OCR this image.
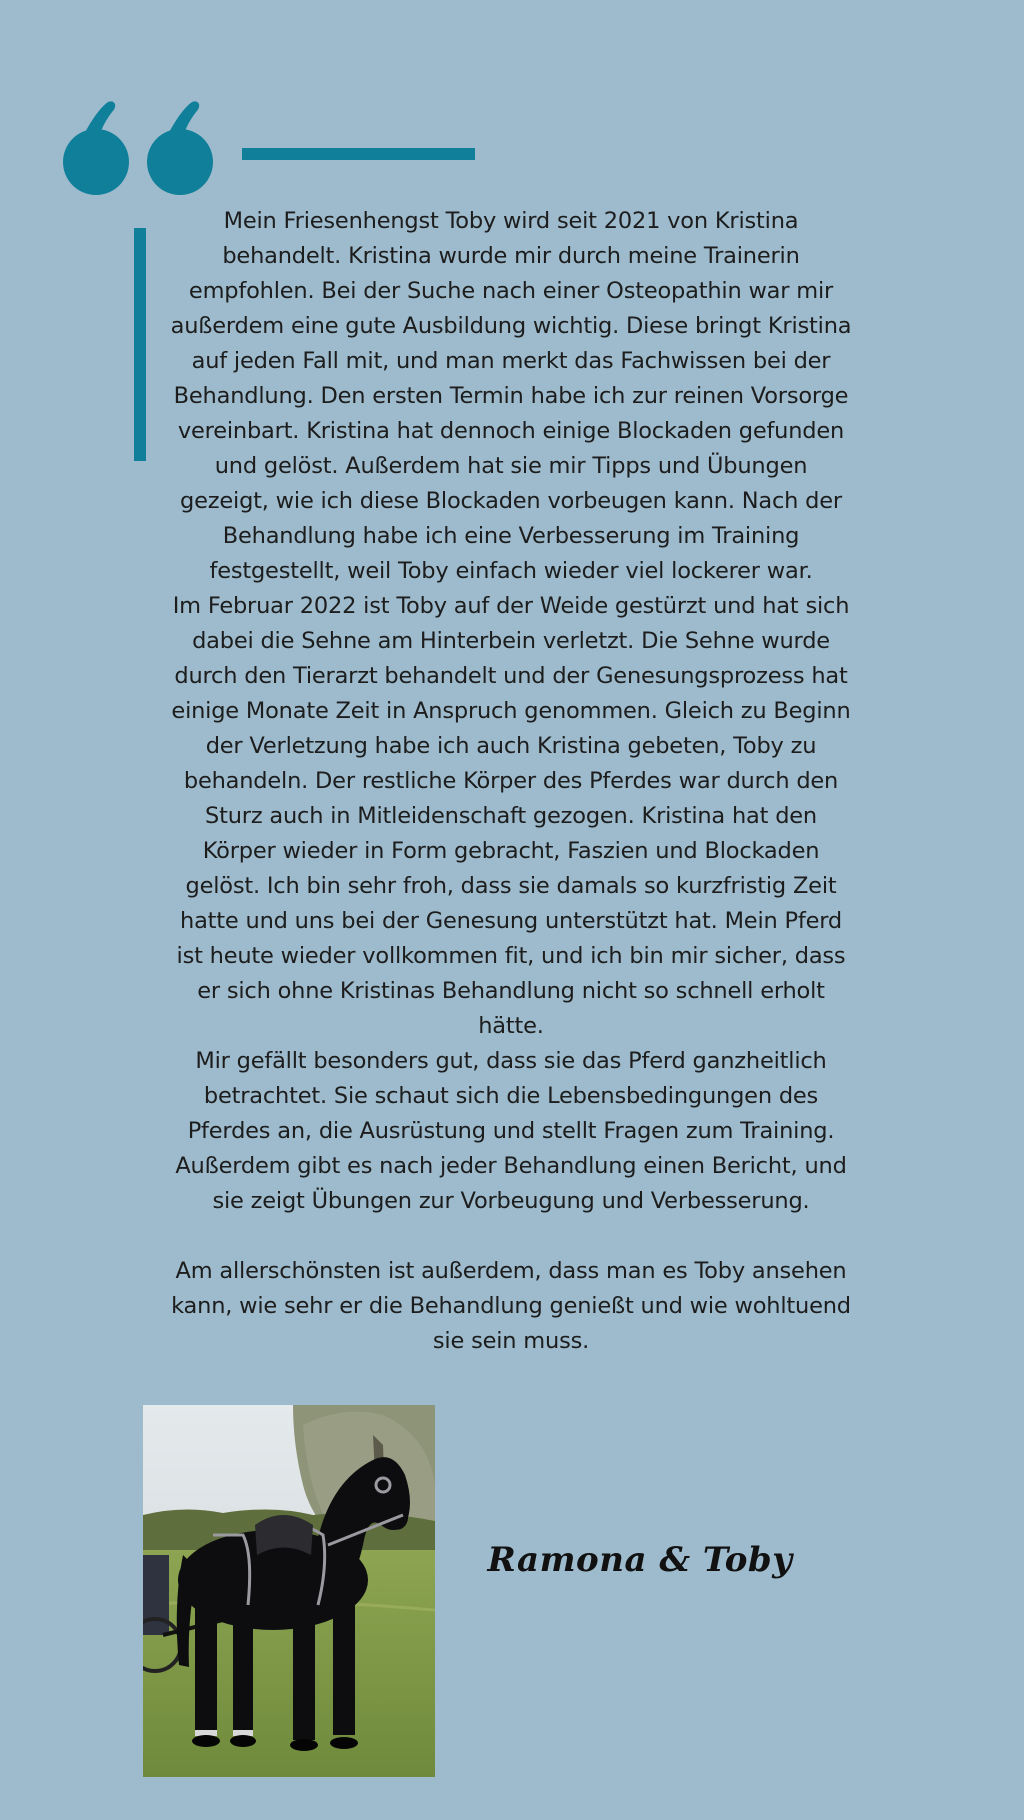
Mein Friesenhengst Toby wird seit 2021 von Kristina behandelt. Kristina wurde mir durch meine Trainerin empfohlen. Bei der Suche nach einer Osteopathin war mir außerdem eine gute Ausbildung wichtig. Diese bringt Kristina auf jeden Fall mit, und man merkt das Fachwissen bei der Behandlung. Den ersten Termin habe ich zur reinen Vorsorge vereinbart. Kristina hat dennoch einige Blockaden gefunden und gelöst. Außerdem hat sie mir Tipps und Übungen gezeigt, wie ich diese Blockaden vorbeugen kann. Nach der Behandlung habe ich eine Verbesserung im Training festgestellt, weil Toby einfach wieder viel lockerer war.

Im Februar 2022 ist Toby auf der Weide gestürzt und hat sich dabei die Sehne am Hinterbein verletzt. Die Sehne wurde durch den Tierarzt behandelt und der Genesungsprozess hat einige Monate Zeit in Anspruch genommen. Gleich zu Beginn der Verletzung habe ich auch Kristina gebeten, Toby zu behandeln. Der restliche Körper des Pferdes war durch den Sturz auch in Mitleidenschaft gezogen. Kristina hat den Körper wieder in Form gebracht, Faszien und Blockaden gelöst. Ich bin sehr froh, dass sie damals so kurzfristig Zeit hatte und uns bei der Genesung unterstützt hat. Mein Pferd ist heute wieder vollkommen fit, und ich bin mir sicher, dass er sich ohne Kristinas Behandlung nicht so schnell erholt hätte.

Mir gefällt besonders gut, dass sie das Pferd ganzheitlich betrachtet. Sie schaut sich die Lebensbedingungen des Pferdes an, die Ausrüstung und stellt Fragen zum Training. Außerdem gibt es nach jeder Behandlung einen Bericht, und sie zeigt Übungen zur Vorbeugung und Verbesserung.

Am allerschönsten ist außerdem, dass man es Toby ansehen kann, wie sehr er die Behandlung genießt und wie wohltuend sie sein muss.

Ramona & Toby
